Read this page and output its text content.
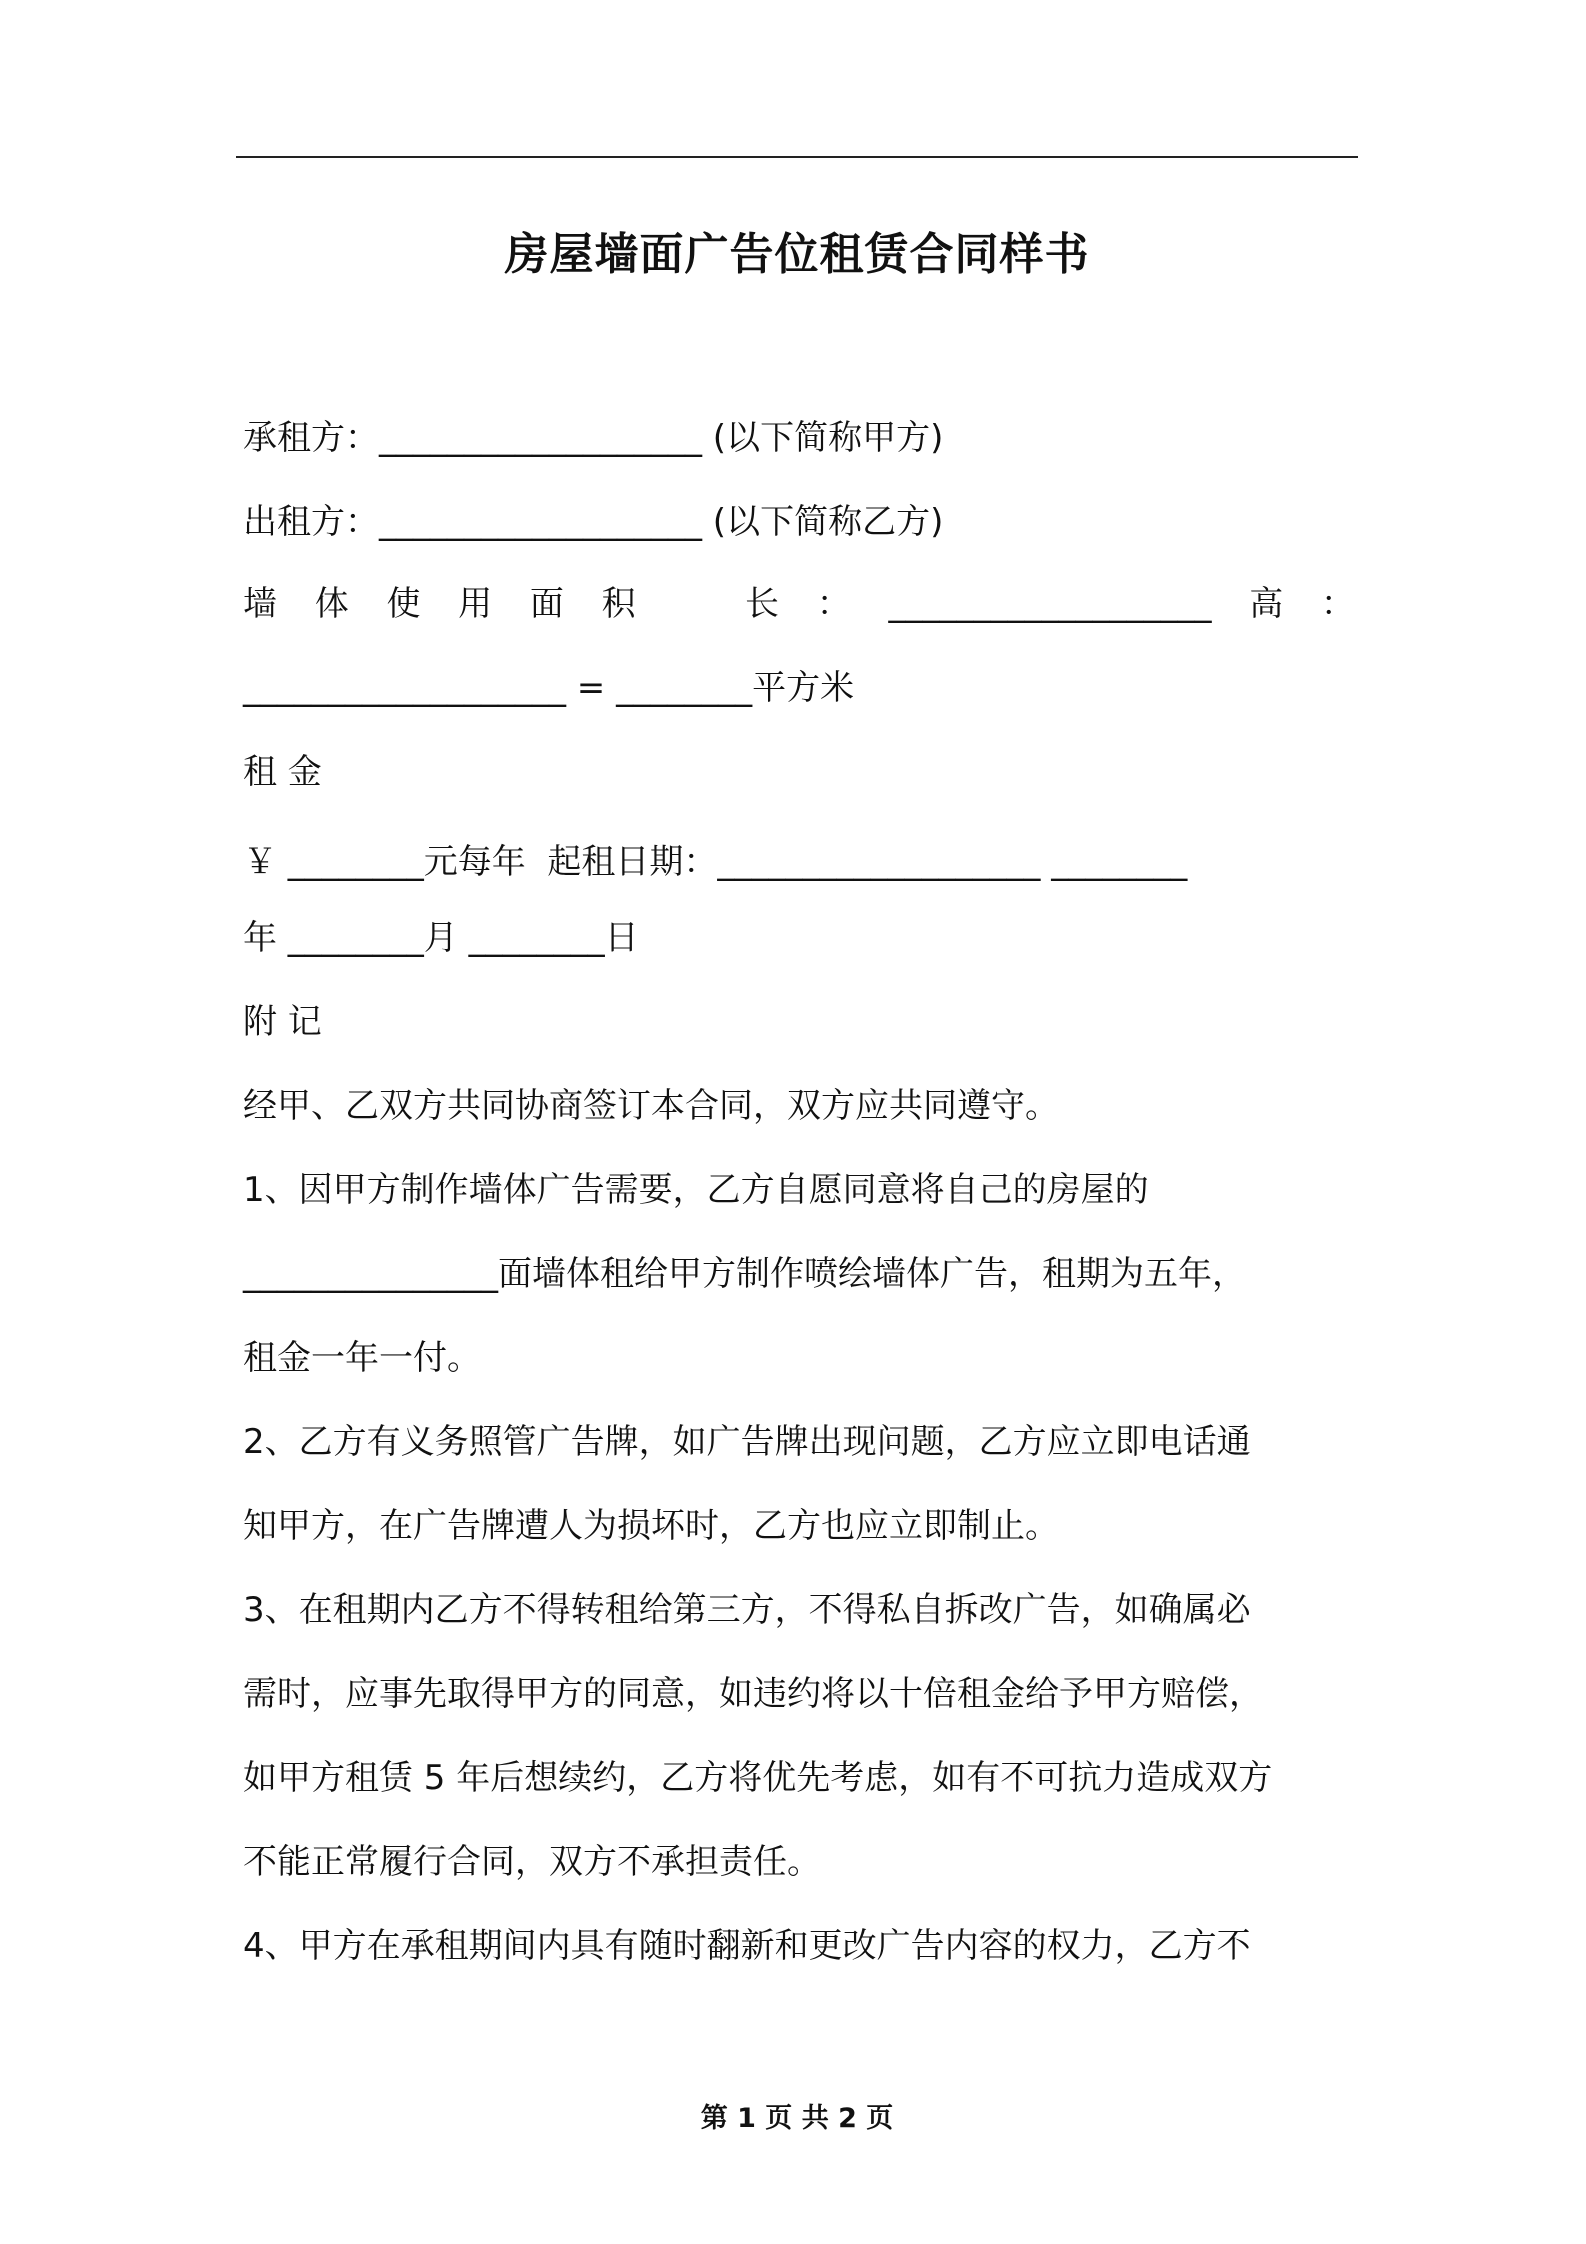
房屋墙面广告位租赁合同样书
承租方：___________________ (以下简称甲方)
出租方：___________________ (以下简称乙方)
墙 体 使 用 面 积
　	长 ： ___________________ 高 ：
___________________ = ________平方米
租 金
￥ ________元每年  起租日期：___________________ ________
年 ________月 ________日
附 记
经甲、乙双方共同协商签订本合同，双方应共同遵守。
1、因甲方制作墙体广告需要，乙方自愿同意将自己的房屋的
_______________面墙体租给甲方制作喷绘墙体广告，租期为五年，
租金一年一付。
2、乙方有义务照管广告牌，如广告牌出现问题，乙方应立即电话通
知甲方，在广告牌遭人为损坏时，乙方也应立即制止。
3、在租期内乙方不得转租给第三方，不得私自拆改广告，如确属必
需时，应事先取得甲方的同意，如违约将以十倍租金给予甲方赔偿，
如甲方租赁 5 年后想续约，乙方将优先考虑，如有不可抗力造成双方
不能正常履行合同，双方不承担责任。
4、甲方在承租期间内具有随时翻新和更改广告内容的权力，乙方不
第 1 页 共 2 页
